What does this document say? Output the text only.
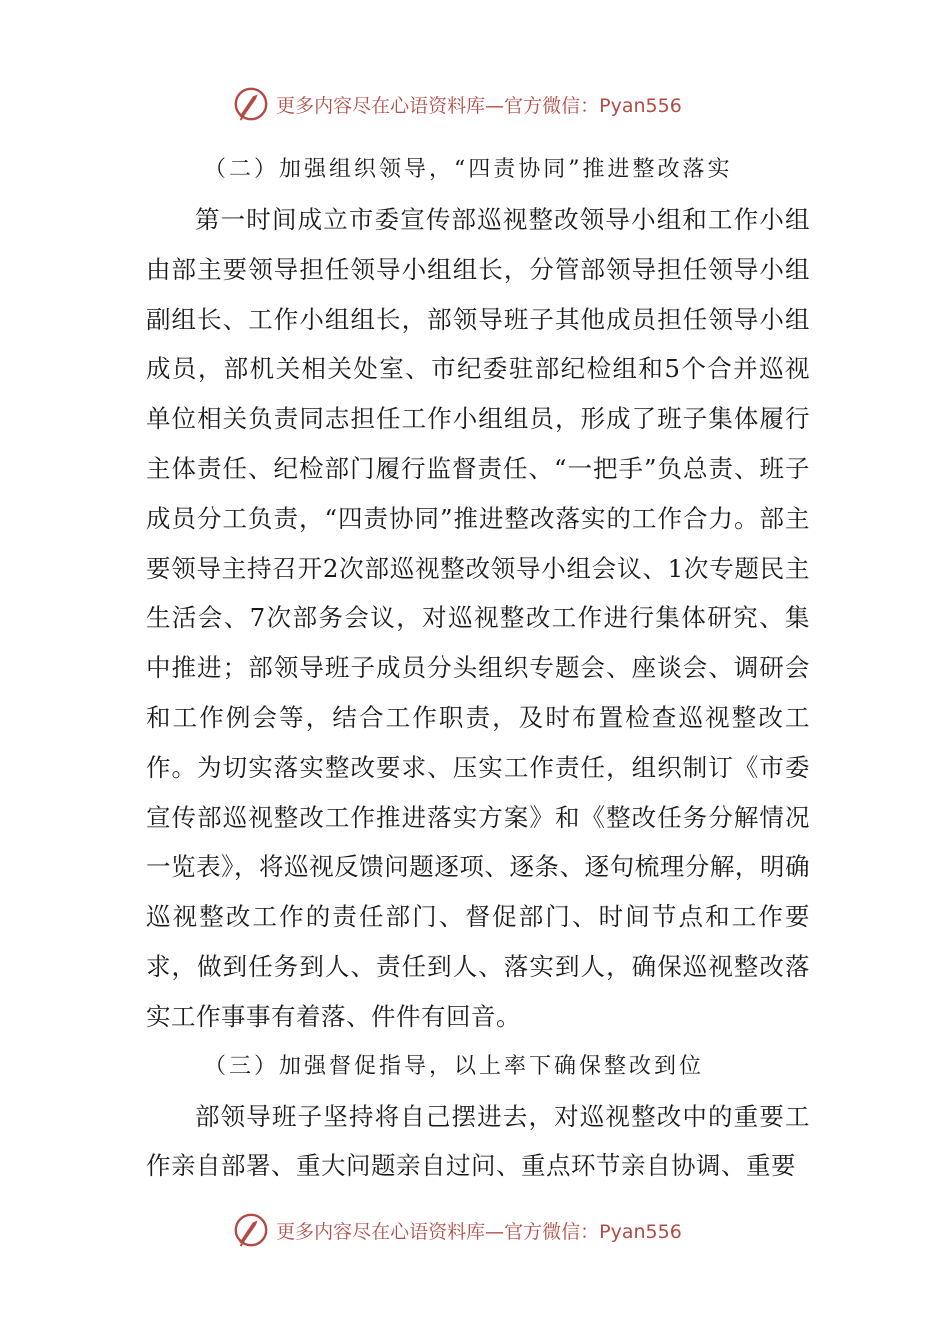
更多内容尽在心语资料库 —官方微信：Pyan556
（二）加强组织领导，“四责协同”推进整改落实

第一时间成立市委宣传部巡视整改领导小组和工作小组由部主要领导担任领导小组组长，分管部领导担任领导小组副组长、工作小组组长，部领导班子其他成员担任领导小组成员，部机关相关处室、市纪委驻部纪检组和5个合并巡视单位相关负责同志担任工作小组组员，形成了班子集体履行主体责任、纪检部门履行监督责任、“一把手”负总责、班子成员分工负责，“四责协同”推进整改落实的工作合力。部主要领导主持召开2次部巡视整改领导小组会议、1次专题民主生活会、7次部务会议，对巡视整改工作进行集体研究、集中推进；部领导班子成员分头组织专题会、座谈会、调研会和工作例会等，结合工作职责，及时布置检查巡视整改工作。为切实落实整改要求、压实工作责任，组织制订《市委宣传部巡视整改工作推进落实方案》和《整改任务分解情况一览表》，将巡视反馈问题逐项、逐条、逐句梳理分解，明确巡视整改工作的责任部门、督促部门、时间节点和工作要求，做到任务到人、责任到人、落实到人，确保巡视整改落实工作事事有着落、件件有回音。

（三）加强督促指导，以上率下确保整改到位

部领导班子坚持将自己摆进去，对巡视整改中的重要工作亲自部署、重大问题亲自过问、重点环节亲自协调、重要

更多内容尽在心语资料库 —官方微信：Pyan556
